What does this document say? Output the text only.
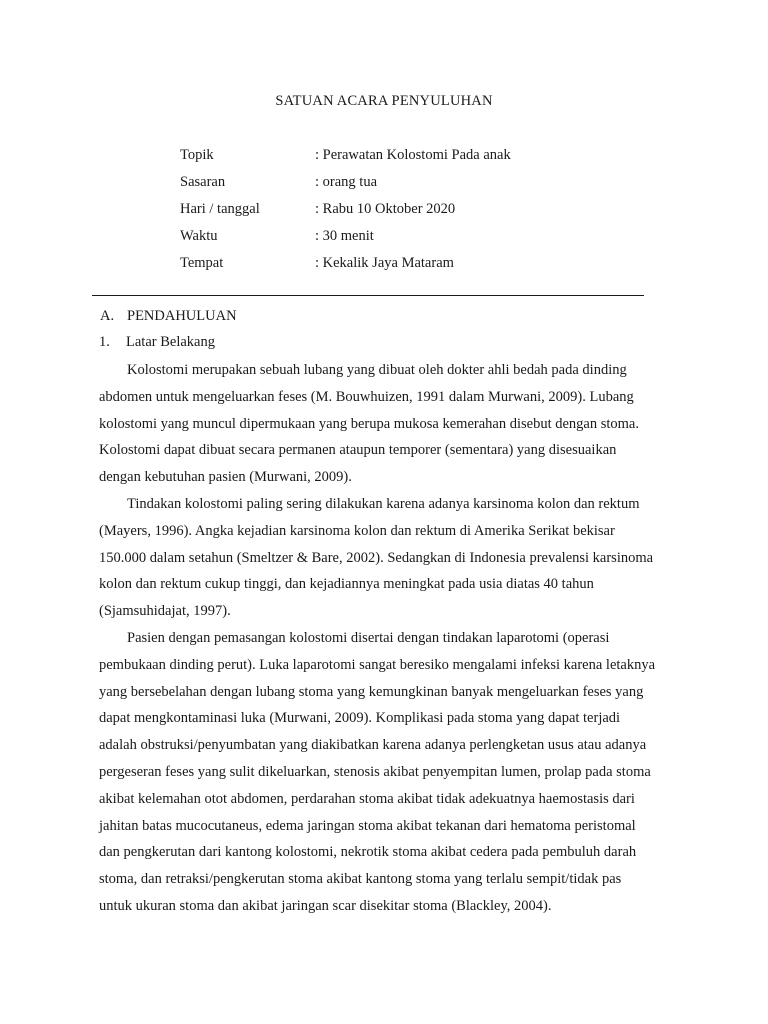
SATUAN ACARA PENYULUHAN
Topik	: Perawatan Kolostomi Pada anak
Sasaran	: orang tua
Hari / tanggal	: Rabu 10 Oktober 2020
Waktu	: 30 menit
Tempat	: Kekalik Jaya Mataram
A. PENDAHULUAN
1. Latar Belakang
Kolostomi merupakan sebuah lubang yang dibuat oleh dokter ahli bedah pada dinding
abdomen untuk mengeluarkan feses (M. Bouwhuizen, 1991 dalam Murwani, 2009). Lubang
kolostomi yang muncul dipermukaan yang berupa mukosa kemerahan disebut dengan stoma.
Kolostomi dapat dibuat secara permanen ataupun temporer (sementara) yang disesuaikan
dengan kebutuhan pasien (Murwani, 2009).
Tindakan kolostomi paling sering dilakukan karena adanya karsinoma kolon dan rektum
(Mayers, 1996). Angka kejadian karsinoma kolon dan rektum di Amerika Serikat bekisar
150.000 dalam setahun (Smeltzer & Bare, 2002). Sedangkan di Indonesia prevalensi karsinoma
kolon dan rektum cukup tinggi, dan kejadiannya meningkat pada usia diatas 40 tahun
(Sjamsuhidajat, 1997).
Pasien dengan pemasangan kolostomi disertai dengan tindakan laparotomi (operasi
pembukaan dinding perut). Luka laparotomi sangat beresiko mengalami infeksi karena letaknya
yang bersebelahan dengan lubang stoma yang kemungkinan banyak mengeluarkan feses yang
dapat mengkontaminasi luka (Murwani, 2009). Komplikasi pada stoma yang dapat terjadi
adalah obstruksi/penyumbatan yang diakibatkan karena adanya perlengketan usus atau adanya
pergeseran feses yang sulit dikeluarkan, stenosis akibat penyempitan lumen, prolap pada stoma
akibat kelemahan otot abdomen, perdarahan stoma akibat tidak adekuatnya haemostasis dari
jahitan batas mucocutaneus, edema jaringan stoma akibat tekanan dari hematoma peristomal
dan pengkerutan dari kantong kolostomi, nekrotik stoma akibat cedera pada pembuluh darah
stoma, dan retraksi/pengkerutan stoma akibat kantong stoma yang terlalu sempit/tidak pas
untuk ukuran stoma dan akibat jaringan scar disekitar stoma (Blackley, 2004).
